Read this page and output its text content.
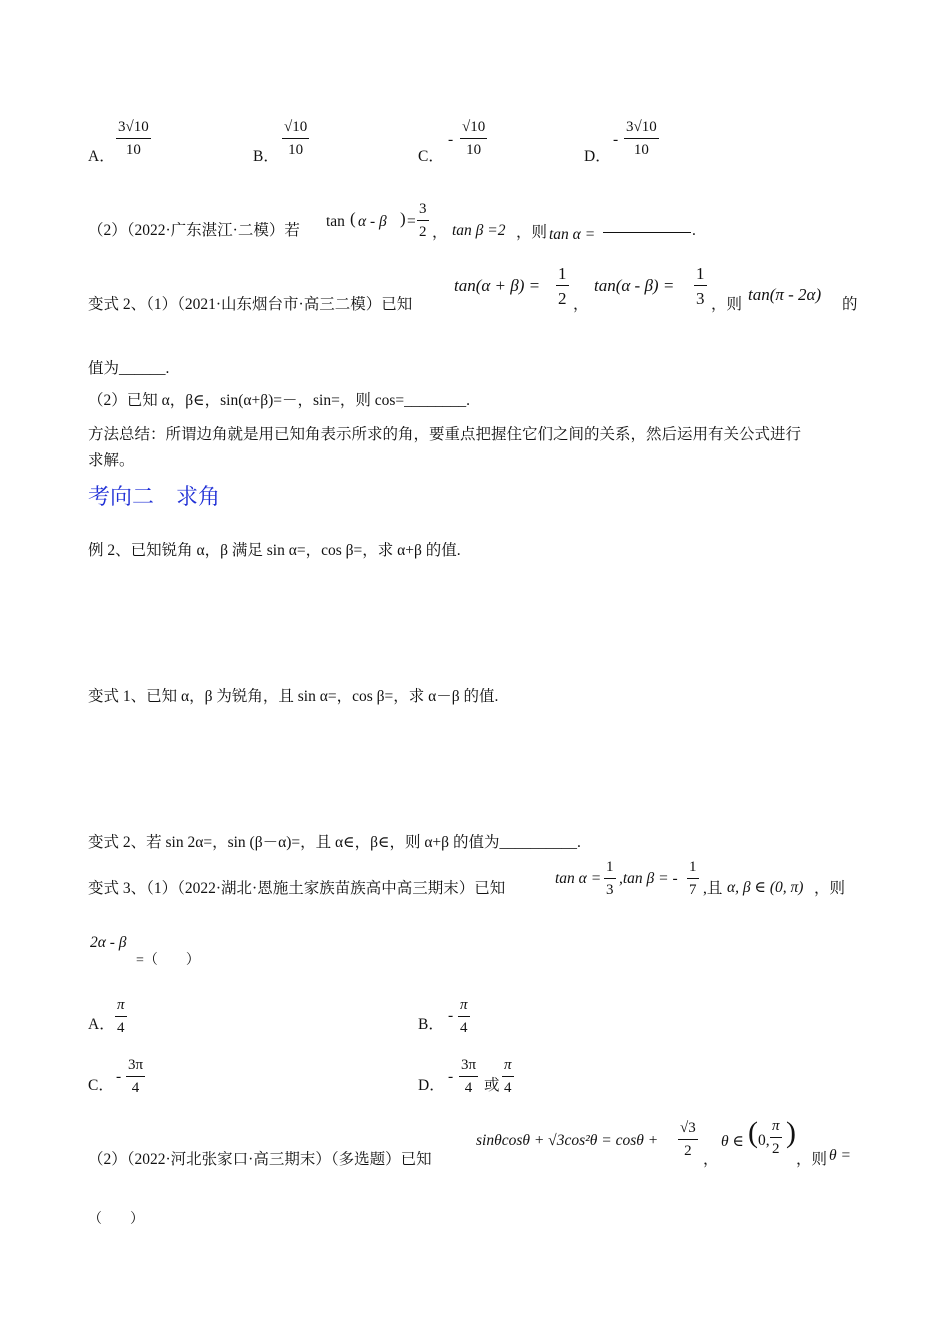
A． $\frac{3√10}{10}$	B． $\frac{√10}{10}$	C．
- $\frac{√10}{10}$	D．
- $\frac{3√10}{10}$
（2）（2022·广东湛江·二模）若
tan ( α - β ) = $\frac{3}{2}$ ， tan β =2 ，则 tan α =	.
变式 2、（1）（2021·山东烟台市·高三二模）已知
$\tan(\alpha + \beta) = \frac{1}{2}$ ，
$\tan(\alpha - \beta) = \frac{1}{3}$ ，则
tan(π - 2α)
的
值为______.
（2）已知 α，β∈，sin(α+β)=－，sin=，则 cos=________.
方法总结：所谓边角就是用已知角表示所求的角，要重点把握住它们之间的关系，然后运用有关公式进行
求解。
考向二　求角
例 2、已知锐角 α，β 满足 sin α=，cos β=，求 α+β 的值.
变式 1、已知 α，β 为锐角，且 sin α=，cos β=，求 α－β 的值.
变式 2、若 sin 2α=，sin (β－α)=，且 α∈，β∈，则 α+β 的值为__________.
变式 3、（1）（2022·湖北·恩施土家族苗族高中高三期末）已知
$\tan \alpha = \frac{1}{3} ,\tan$ β = - $\frac{1}{7}$ ,且 α, β ∈ (0, π) ，则
2α - β
=（　　）
A． $\frac{\pi}{4}$	B．
- $\frac{\pi}{4}$
C．
- $\frac{3\pi}{4}$	D．
- $\frac{3\pi}{4}$ 或 $\frac{\pi}{4}$
（2）（2022·河北张家口·高三期末）（多选题）已知
$\sin\theta\cos\theta + √3\cos^2\theta = \cos\theta + \frac{√3}{2}$
，
θ ∈ ( 0, $\frac{\pi}{2}$ )
，则 θ =
（　　）
